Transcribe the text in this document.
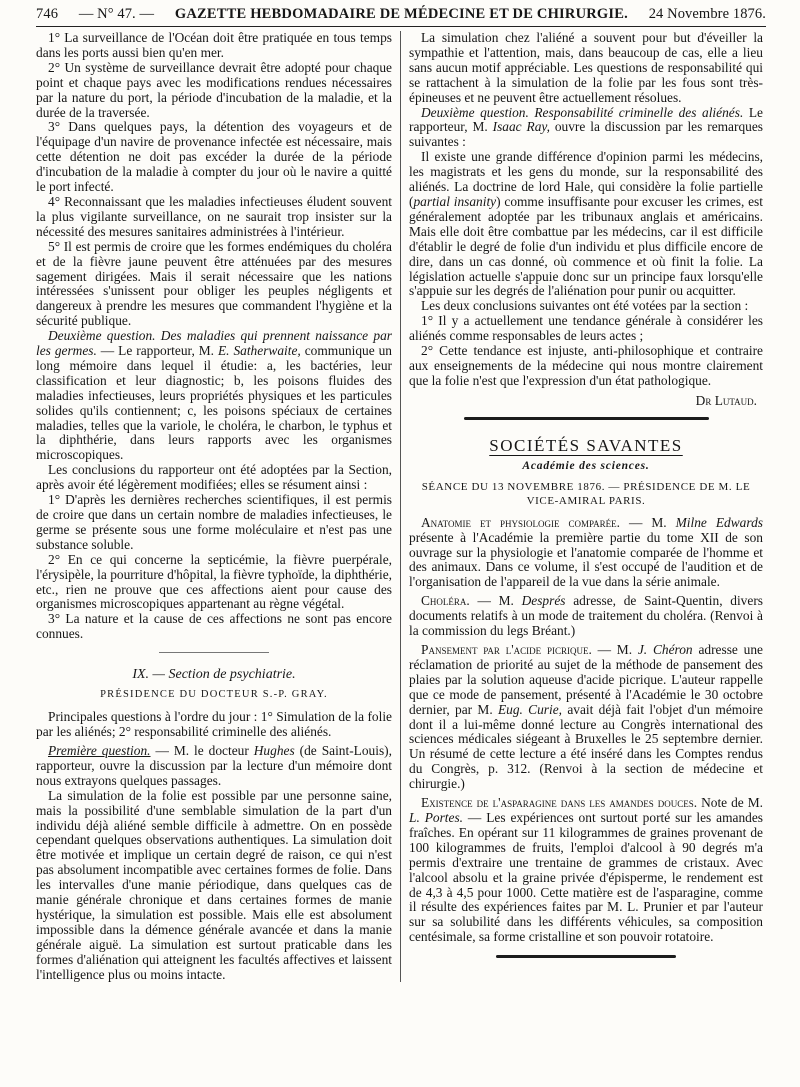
746 — N° 47. — GAZETTE HEBDOMADAIRE DE MÉDECINE ET DE CHIRURGIE. 24 Novembre 1876.

1° La surveillance de l'Océan doit être pratiquée en tous temps dans les ports aussi bien qu'en mer.

2° Un système de surveillance devrait être adopté pour chaque point et chaque pays avec les modifications rendues nécessaires par la nature du port, la période d'incubation de la maladie, et la durée de la traversée.

3° Dans quelques pays, la détention des voyageurs et de l'équipage d'un navire de provenance infectée est nécessaire, mais cette détention ne doit pas excéder la durée de la période d'incubation de la maladie à compter du jour où le navire a quitté le port infecté.

4° Reconnaissant que les maladies infectieuses éludent souvent la plus vigilante surveillance, on ne saurait trop insister sur la nécessité des mesures sanitaires administrées à l'intérieur.

5° Il est permis de croire que les formes endémiques du choléra et de la fièvre jaune peuvent être atténuées par des mesures sagement dirigées. Mais il serait nécessaire que les nations intéressées s'unissent pour obliger les peuples négligents et dangereux à prendre les mesures que commandent l'hygiène et la sécurité publique.

Deuxième question. Des maladies qui prennent naissance par les germes. — Le rapporteur, M. E. Satherwaite, communique un long mémoire dans lequel il étudie: a, les bactéries, leur classification et leur diagnostic; b, les poisons fluides des maladies infectieuses, leurs propriétés physiques et les particules solides qu'ils contiennent; c, les poisons spéciaux de certaines maladies, telles que la variole, le choléra, le charbon, le typhus et la diphthérie, dans leurs rapports avec les organismes microscopiques.

Les conclusions du rapporteur ont été adoptées par la Section, après avoir été légèrement modifiées; elles se résument ainsi :

1° D'après les dernières recherches scientifiques, il est permis de croire que dans un certain nombre de maladies infectieuses, le germe se présente sous une forme moléculaire et n'est pas une substance soluble.

2° En ce qui concerne la septicémie, la fièvre puerpérale, l'érysipèle, la pourriture d'hôpital, la fièvre typhoïde, la diphthérie, etc., rien ne prouve que ces affections aient pour cause des organismes microscopiques appartenant au règne végétal.

3° La nature et la cause de ces affections ne sont pas encore connues.

IX. — Section de psychiatrie.
PRÉSIDENCE DU DOCTEUR S.-P. GRAY.

Principales questions à l'ordre du jour : 1° Simulation de la folie par les aliénés; 2° responsabilité criminelle des aliénés.

Première question. — M. le docteur Hughes (de Saint-Louis), rapporteur, ouvre la discussion par la lecture d'un mémoire dont nous extrayons quelques passages.

La simulation de la folie est possible par une personne saine, mais la possibilité d'une semblable simulation de la part d'un individu déjà aliéné semble difficile à admettre. On en possède cependant quelques observations authentiques. La simulation doit être motivée et implique un certain degré de raison, ce qui n'est pas absolument incompatible avec certaines formes de folie. Dans les intervalles d'une manie périodique, dans quelques cas de manie générale chronique et dans certaines formes de manie hystérique, la simulation est possible. Mais elle est absolument impossible dans la démence générale avancée et dans la manie générale aiguë. La simulation est surtout praticable dans les formes d'aliénation qui atteignent les facultés affectives et laissent l'intelligence plus ou moins intacte.

La simulation chez l'aliéné a souvent pour but d'éveiller la sympathie et l'attention, mais, dans beaucoup de cas, elle a lieu sans aucun motif appréciable. Les questions de responsabilité qui se rattachent à la simulation de la folie par les fous sont très-épineuses et ne peuvent être actuellement résolues.

Deuxième question. Responsabilité criminelle des aliénés. Le rapporteur, M. Isaac Ray, ouvre la discussion par les remarques suivantes :

Il existe une grande différence d'opinion parmi les médecins, les magistrats et les gens du monde, sur la responsabilité des aliénés. La doctrine de lord Hale, qui considère la folie partielle (partial insanity) comme insuffisante pour excuser les crimes, est généralement adoptée par les tribunaux anglais et américains. Mais elle doit être combattue par les médecins, car il est difficile d'établir le degré de folie d'un individu et plus difficile encore de dire, dans un cas donné, où commence et où finit la folie. La législation actuelle s'appuie donc sur un principe faux lorsqu'elle s'appuie sur les degrés de l'aliénation pour punir ou acquitter.

Les deux conclusions suivantes ont été votées par la section :

1° Il y a actuellement une tendance générale à considérer les aliénés comme responsables de leurs actes ;

2° Cette tendance est injuste, anti-philosophique et contraire aux enseignements de la médecine qui nous montre clairement que la folie n'est que l'expression d'un état pathologique.

Dr Lutaud.
SOCIÉTÉS SAVANTES
Académie des sciences.
SÉANCE DU 13 NOVEMBRE 1876. — PRÉSIDENCE DE M. LE VICE-AMIRAL PARIS.

Anatomie et physiologie comparée. — M. Milne Edwards présente à l'Académie la première partie du tome XII de son ouvrage sur la physiologie et l'anatomie comparée de l'homme et des animaux. Dans ce volume, il s'est occupé de l'audition et de l'organisation de l'appareil de la vue dans la série animale.

Choléra. — M. Després adresse, de Saint-Quentin, divers documents relatifs à un mode de traitement du choléra. (Renvoi à la commission du legs Bréant.)

Pansement par l'acide picrique. — M. J. Chéron adresse une réclamation de priorité au sujet de la méthode de pansement des plaies par la solution aqueuse d'acide picrique. L'auteur rappelle que ce mode de pansement, présenté à l'Académie le 30 octobre dernier, par M. Eug. Curie, avait déjà fait l'objet d'un mémoire dont il a lui-même donné lecture au Congrès international des sciences médicales siégeant à Bruxelles le 25 septembre dernier. Un résumé de cette lecture a été inséré dans les Comptes rendus du Congrès, p. 312. (Renvoi à la section de médecine et chirurgie.)

Existence de l'asparagine dans les amandes douces. Note de M. L. Portes. — Les expériences ont surtout porté sur les amandes fraîches. En opérant sur 11 kilogrammes de graines provenant de 100 kilogrammes de fruits, l'emploi d'alcool à 90 degrés m'a permis d'extraire une trentaine de grammes de cristaux. Avec l'alcool absolu et la graine privée d'épisperme, le rendement est de 4,3 à 4,5 pour 1000. Cette matière est de l'asparagine, comme il résulte des expériences faites par M. L. Prunier et par l'auteur sur sa solubilité dans les différents véhicules, sa composition centésimale, sa forme cristalline et son pouvoir rotatoire.
